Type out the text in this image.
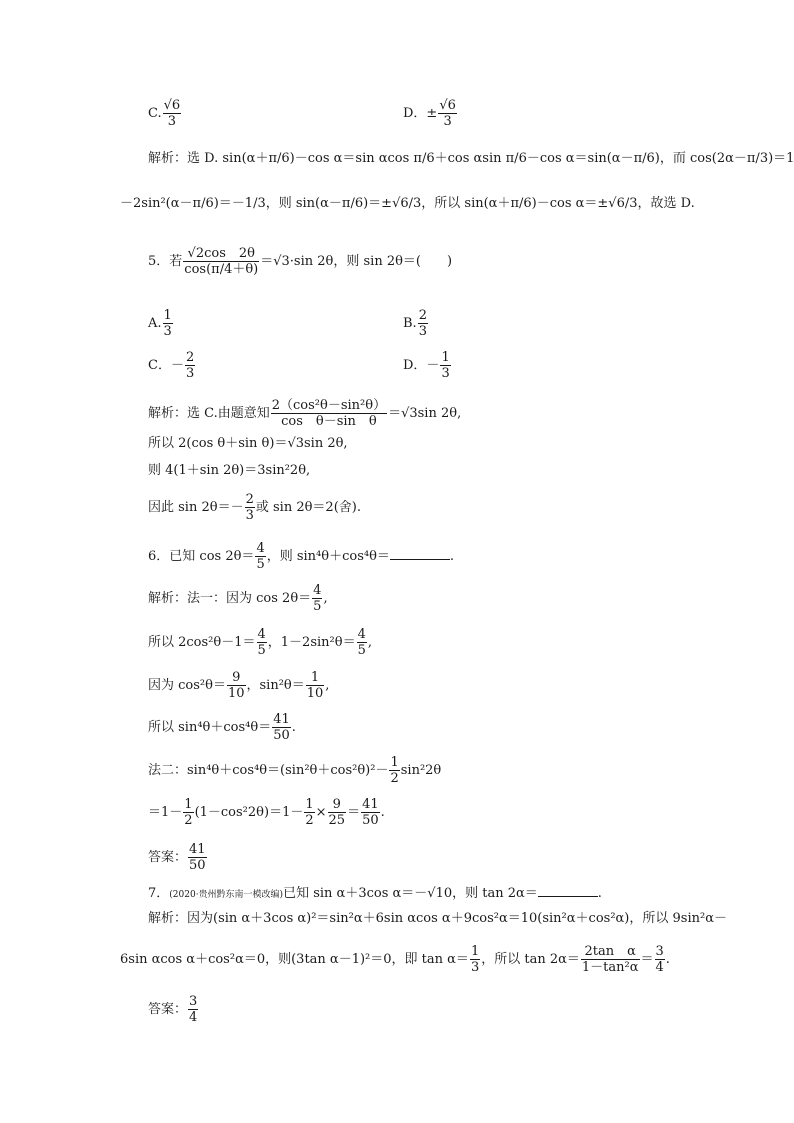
C. $\frac{√6}{3}$	D．± $\frac{√6}{3}$
解析：选 D. sin(α＋π/6)－cos α＝sin αcos π/6＋cos αsin π/6－cos α＝sin(α－π/6)，而 cos(2α－π/3)＝1
－2sin²(α－π/6)＝－1/3，则 sin(α－π/6)＝±√6/3，所以 sin(α＋π/6)－cos α＝±√6/3，故选 D.
5．若 $\frac{√2\cos 2\theta}{\cos(\pi/4+\theta)} =√3\cdot\sin$ 2θ，则 sin 2θ＝(　　)
A. $\frac{1}{3}$	B. $\frac{2}{3}$
C．－ $\frac{2}{3}$	D．－ $\frac{1}{3}$
解析：选 C.由题意知 $\frac{\text{2（cos²θ－sin²θ）}}{\text{cos　θ－sin　θ}} =√3\sin$ 2θ,
所以 2(cos θ＋sin θ)＝√3sin 2θ,
则 4(1＋sin 2θ)＝3sin²2θ,
因此 $\sin 2\theta=- \frac{2}{3}$ 或 sin 2θ＝2(舍).
6．已知 $\cos 2\theta= \frac{4}{5}$ ，则 sin⁴θ＋cos⁴θ＝	.
解析：法一：因为 $\cos 2\theta= \frac{4}{5}$ ,
所以 $2\cos^2\theta-1= \frac{4}{5}$ ，$1-2\sin^2\theta= \frac{4}{5}$ ,
因为 $\cos^2\theta= \frac{9}{10}$ ，$\sin^2\theta= \frac{1}{10}$ ,
所以 $\sin^4\theta+\cos^4\theta= \frac{41}{50}$ .
法二：$\sin^4\theta+\cos^4\theta=(\sin^2\theta+\cos^2\theta)^2- \frac{1}{2} \sin^22\theta$
$=1- \frac{1}{2} (1-\cos^22\theta)=1- \frac{1}{2} \times \frac{9}{25} = \frac{41}{50}$ .
答案： $\frac{41}{50}$
7．(2020·贵州黔东南一模改编)已知 sin α＋3cos α＝－√10，则 tan 2α＝	.
解析：因为(sin α＋3cos α)²＝sin²α＋6sin αcos α＋9cos²α＝10(sin²α＋cos²α)，所以 9sin²α－
6sin αcos α＋cos²α＝0，则(3tan α－1)²＝0，即 $\tan \alpha= \frac{1}{3}$ ，所以 $\tan 2\alpha= \frac{\text{2tan　α}}{\text{1－tan²α}} = \frac{3}{4}$ .
答案： $\frac{3}{4}$
